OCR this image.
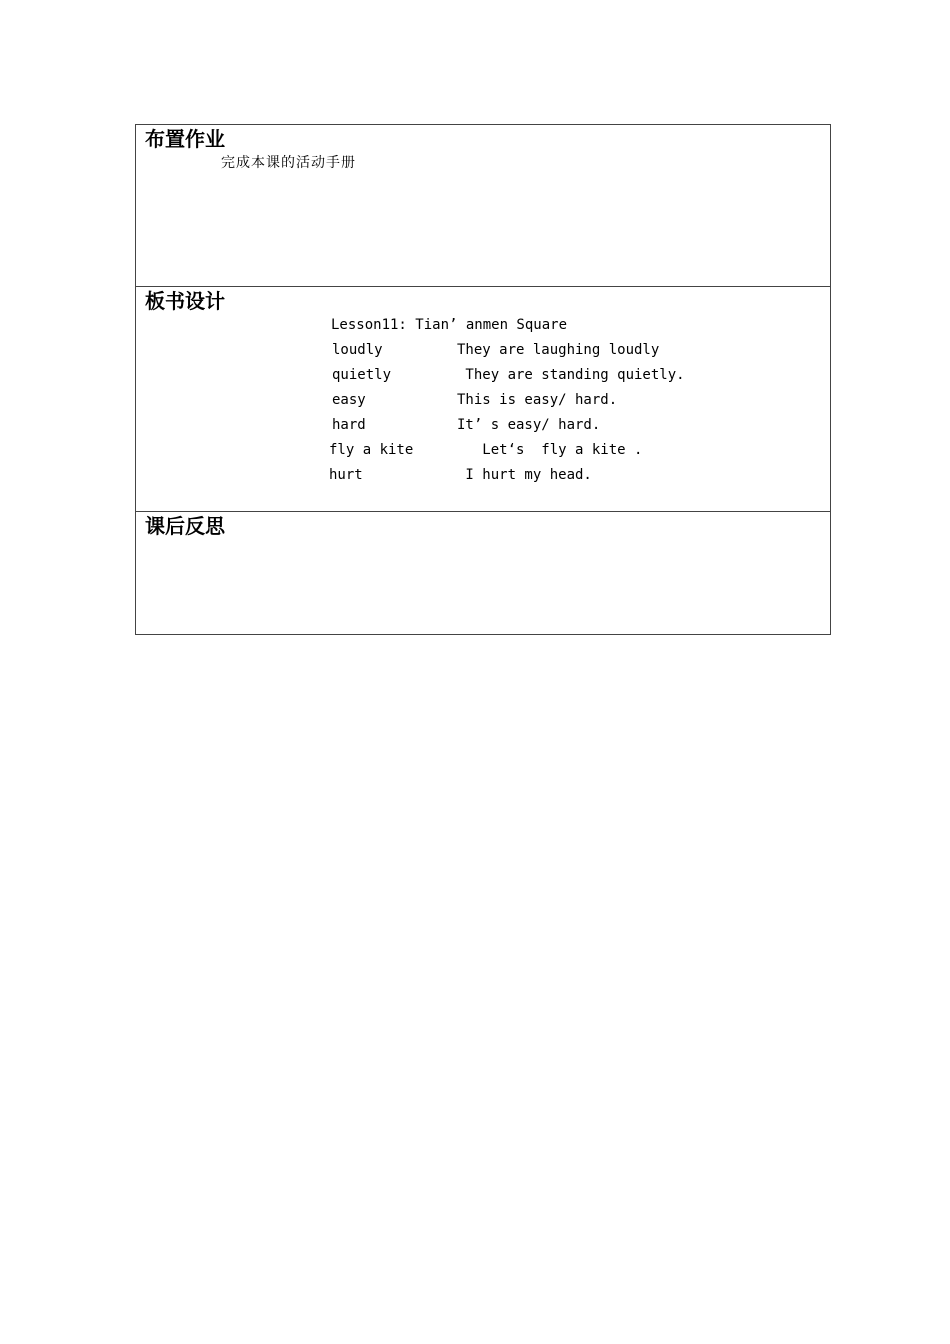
布置作业
完成本课的活动手册
板书设计
Lesson11: Tian’ anmen Square
loudly	They are laughing loudly
quietly	They are standing quietly.
easy	This is easy/ hard.
hard	It’ s easy/ hard.
fly a kite	Let‘s  fly a kite .
hurt	I hurt my head.
课后反思
